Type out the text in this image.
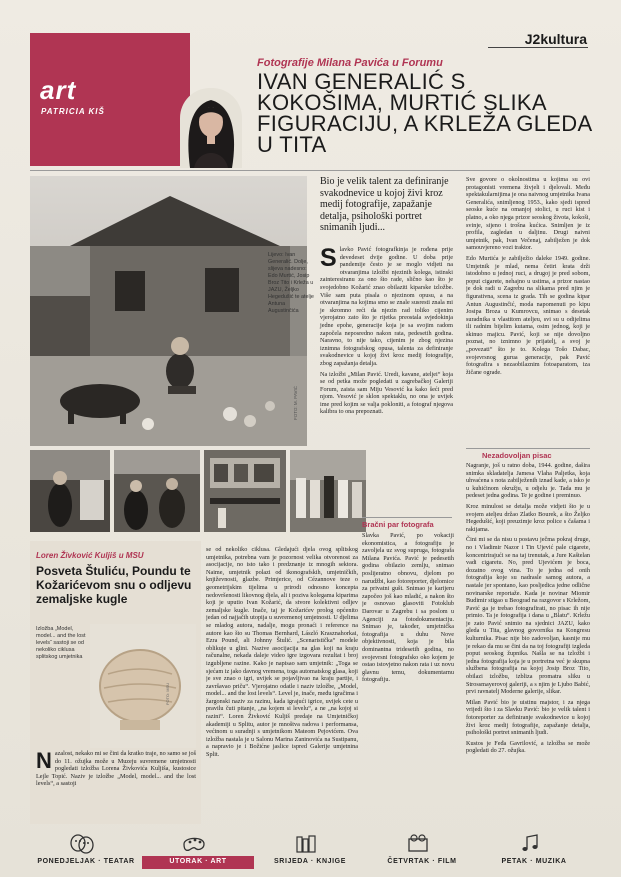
art
PATRICIA KIŠ
J2kultura
Fotografije Milana Pavića u Forumu
IVAN GENERALIĆ S KOKOŠIMA, MURTIĆ SLIKA FIGURACIJU, A KRLEŽA GLEDA U TITA
Lijevo: Ivan Generalić. Dolje, slijeva nadesno: Edo Murtić, Josip Broz Tito i Krleža u JAZU, Željko Hegedušić te atelje Antuna Augustinčića
FOTO: M. PAVIĆ
Bio je velik talent za definiranje svakodnevice u kojoj živi kroz medij fotografije, zapažanje detalja, psihološki portret snimanih ljudi...
Slavko Pavić fotografkinja je rođena prije devedeset dvije godine. U doba prije pandemije često je se moglo vidjeti na otvaranjima izložbi njezinih kolega, istinski zainteresiranu za ono što rade, slično kao što je svojedobno Kožarić znao obilaziti kiparske izložbe. Više sam puta pisala o njezinom opusu, a na otvaranjima na kojima smo se znale susresti znala mi je skromno reći da njezin rad toliko cijenim vjerojatno zato što je rijetka preostala svjedokinja jedne epohe, generacije koja je sa svojim radom započela neposredno nakon rata, pedesetih godina. Naravno, to nije tako, cijenim je zbog njezina iznimna fotografskog opusa, talenta za definiranje svakodnevice u kojoj živi kroz medij fotografije, zbog zapažanja detalja.
Na izložbi „Milan Pavić. Uredi, kavane, ateljei“ koja se od petka može pogledati u zagrebačkoj Galeriji Forum, zaista sam Miju Vesović ka kako šeći pred njom. Vesović je sklon spektaklu, no ona je uvijek ime pred kojim se valja pokloniti, a fotograf njegova kalibra to ona prepoznati.
Bračni par fotografa
Slavka Pavić, po vokaciji ekonomistica, a fotografiju je zavoljela uz svog supruga, fotografa Milana Pavića. Pavić je pedesetih godina obilazio zemlju, snimao poslijeratno obnovu, djelom po narudžbi, kao fotoreporter, djelomice za privatni gušt. Snimao je karijeru započeo još kao mladić, a nakon što je osnovao glasoviti Fotoklub Darovar u Zagrebu i sa poslom u Agenciji za fotodokumentaciju. Snimao je, također, umjetnička fotografija u duhu Nove objektivnosti, koja je bila dominantna tridesetih godina, no svojevrsni fotografsko oko kojem je ostao istovjetno nakon rata i uz novu glavnu temu, dokumentarnu fotografiju.
Sve govore o okolnostima u kojima su ovi protagonisti vremena živjeli i djelovali. Među spektakularnijima je ona naivnog umjetnika Ivana Generalića, snimljenog 1953., kako sjedi ispred seoske kuće na omanjoj stolici, u ruci kist i platno, a oko njega prizor seoskog života, kokoši, svinje, sijeno i trošna kućica. Snimljen je iz profila, zagledan u daljinu. Drugi naivni umjetnik, pak, Ivan Večenaj, zabilježen je dok samouvjereno vozi traktor.
Edo Murtića je zabilježio daleke 1949. godine. Umjetnik je mlad, nema četiri krata drži istodobno u jednoj ruci, a drugoj je pred sobom, poput cigarete, nehajno u ustima, a prizor nastao je dok radi u Zagrebu na slikama pred njim je figurativna, scena iz grada. Tih se godina kipar Antun Augustinčić, moda napomenuti po kipu Josipa Broza u Kumrovcu, snimao s desetak suradnika u vlastitom ateljeu, svi su u odijelima ili radnim bijelim kutama, osim jednog, koji je skinuo majicu. Pavić, koji se nije dovoljno poznat, no iznimno je prijatelj, a svoj je „povezati“ što je to. Kolega Tošo Dabac, svojevrsnog gurua generacije, pak Pavić fotografira s nezaobilaznim fotoaparatom, iza žičane ograde.
Nezadovoljan pisac
Nagranje, još u ratno doba, 1944. godine, dašira snimka skladatelja Jamesa Vlaha Paljetka, koja uhvaćena s nota zabilježenih iznad kade, a isko je u kuhićinom okružju, u odjelu je. Tada mu je pedeset jedna godina. Te je godine i preminuo.
Kroz minulost se detalja može vidjeti što je u svojem ateljeu držao Zlatko Bourek, a što Željko Hegedušić, koji preuzimje kroz police s čašama i rakijama.
Čini mi se da nisu u postavu ječma pokraj druge, no i Vladimir Nazor i Tin Ujević pale cigarete, koncentrirajući se na taj trenutak, a Jure Kaštelan vadi cigaretu. No, pred Ujevićem je boca, dozatno ovog vina. To je jedna od onih fotografija koje su nadrasle samog autora, a nastale jer spontano, kao posljedica jedne odlične novinarske reportaže. Kada je novinar Miomir Budimir stigao u Beograd na razgovor s Krležom, Pavić ga je trebao fotografirati, no pisac ih nije primio. Ta je fotografija i dana u „Blatu“. Krležu je zato Pavić snimio na sjednici JAZU, kako gleda u Tita, glavnog govornika na Kongresu kulturnika. Pisac nije bio zadovoljan, kasnije mu je rekao da mu se čini da na toj fotografiji izgleda poput seoskog župnika. Našla se na izložbi i jedna fotografija koja je u portretna već je skupna službena fotografija na kojoj Josip Broz Tito, obilazi izložbu, izbliza promatra sliku u Strossmayerovoj galeriji, a s njim je Ljubo Babić, prvi ravnatelj Moderne galerije, slikar.
Milan Pavić bio je uistinu majstor, i za njega vrijedi što i za Slavku Pavić: bio je velik talent i fotoreporter za definiranje svakodnevice u kojoj živi kroz medij fotografije, zapažanje detalja, psihološki portret snimanih ljudi.
Kustos je Feđa Gavrilović, a izložba se može pogledati do 27. ožujka.
Loren Živković Kuljiš u MSU
Posveta Štuliću, Poundu te Kožarićevom snu o odljevu zemaljske kugle
Izložba „Model, model... and the lost levels“ sastoji se od nekoliko ciklusa splitskog umjetnika
FOTO: MSU
Nazalost, nekako mi se čini da kratko traje, no samo se još do 11. ožujka može u Muzeju suvremene umjetnosti pogledati izložba Lorena Živkovića Kuljiša, kustosice Lejle Topić. Naziv je izložbe „Model, model... and the lost levels“, a sastoji
se od nekoliko ciklusa. Gledajući djela ovog splitskog umjetnika, potrebna vam je pozornost velika otvorenost za asocijacije, no isto tako i predznanje iz mnogih sektora. Naime, umjetnik polazi od ikonografskih, umjetničkih, književnosti, glazbe. Primjerice, od Cézannove teze o geometrijskim tijelima u prirodi odnosno koncepta nedovršenosti likovnog djela, ali i poziva kolegama kiparima koji je uputio Ivan Kožarić, da stvore kolektivni odljev zemaljske kugle. Inače, taj je Kožarićev prolog općenito jedan od najjačih utopija u suvremenoj umjetnosti. U djelima se mladog autora, nadalje, mogu pronaći i reference na autore kao što su Thomas Bernhard, László Krasznahorkai, Ezra Pound, ali Johnny Štulić. „Scenaristička“ modele oblikuje u glini. Nazive asocijacija na glas koji na kraju računalne, nekada daleje video igre izgovara rezultat i broj izgubljene razine. Kako je napisao sam umjetnik: „Toga se sjećam iz jako davnog vremena, toga automatskog glasa, koji je sve znao o igri, uvijek se pojavljivao na kraju partije, i završavao priču“. Vjerojatno odatle i naziv izložbe, „Model, model... and the lost levels“. Level je, inače, među igračima i žargonski naziv za razinu, kada igrajući igrice, uvijek cete u pravilu čuti pitanje, „na kojem si levelu“, a ne „na kojoj si razini“. Loren Živković Kuljiš predaje na Umjetničkoj akademiji u Splitu, autor je mnoštva radova i performansa, većinom u suradnji s umjetnikom Mateom Pejovićem. Ova izložba nastala je u Salonu Marina Zaninovića na Sustipanu, a napravio je i Božićne jaslice ispred Galerije umjetnina Split.
PONEDJELJAK · TEATAR	UTORAK · ART	SRIJEDA · KNJIGE	ČETVRTAK · FILM	PETAK · MUZIKA
